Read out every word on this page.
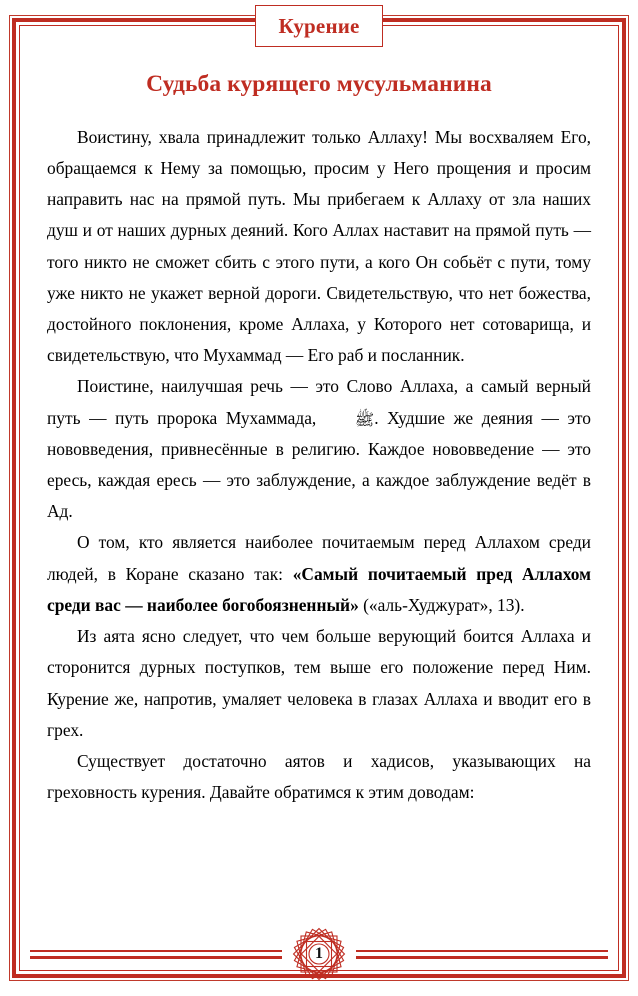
Курение
Судьба курящего мусульманина

Воистину, хвала принадлежит только Аллаху! Мы восхваляем Его, обращаемся к Нему за помощью, просим у Него прощения и просим направить нас на прямой путь. Мы прибегаем к Аллаху от зла наших душ и от наших дурных деяний. Кого Аллах наставит на прямой путь — того никто не сможет сбить с этого пути, а кого Он собьёт с пути, тому уже никто не укажет верной дороги. Свидетельствую, что нет божества, достойного поклонения, кроме Аллаха, у Которого нет сотоварища, и свидетельствую, что Мухаммад — Его раб и посланник.

Поистине, наилучшая речь — это Слово Аллаха, а самый верный путь — путь пророка Мухаммада, ﷺ. Худшие же деяния — это нововведения, привнесённые в религию. Каждое нововведение — это ересь, каждая ересь — это заблуждение, а каждое заблуждение ведёт в Ад.

О том, кто является наиболее почитаемым перед Аллахом среди людей, в Коране сказано так: «Самый почитаемый пред Аллахом среди вас — наиболее богобоязненный» («аль-Худжурат», 13).

Из аята ясно следует, что чем больше верующий боится Аллаха и сторонится дурных поступков, тем выше его положение перед Ним. Курение же, напротив, умаляет человека в глазах Аллаха и вводит его в грех.

Существует достаточно аятов и хадисов, указывающих на греховность курения. Давайте обратимся к этим доводам:

1
